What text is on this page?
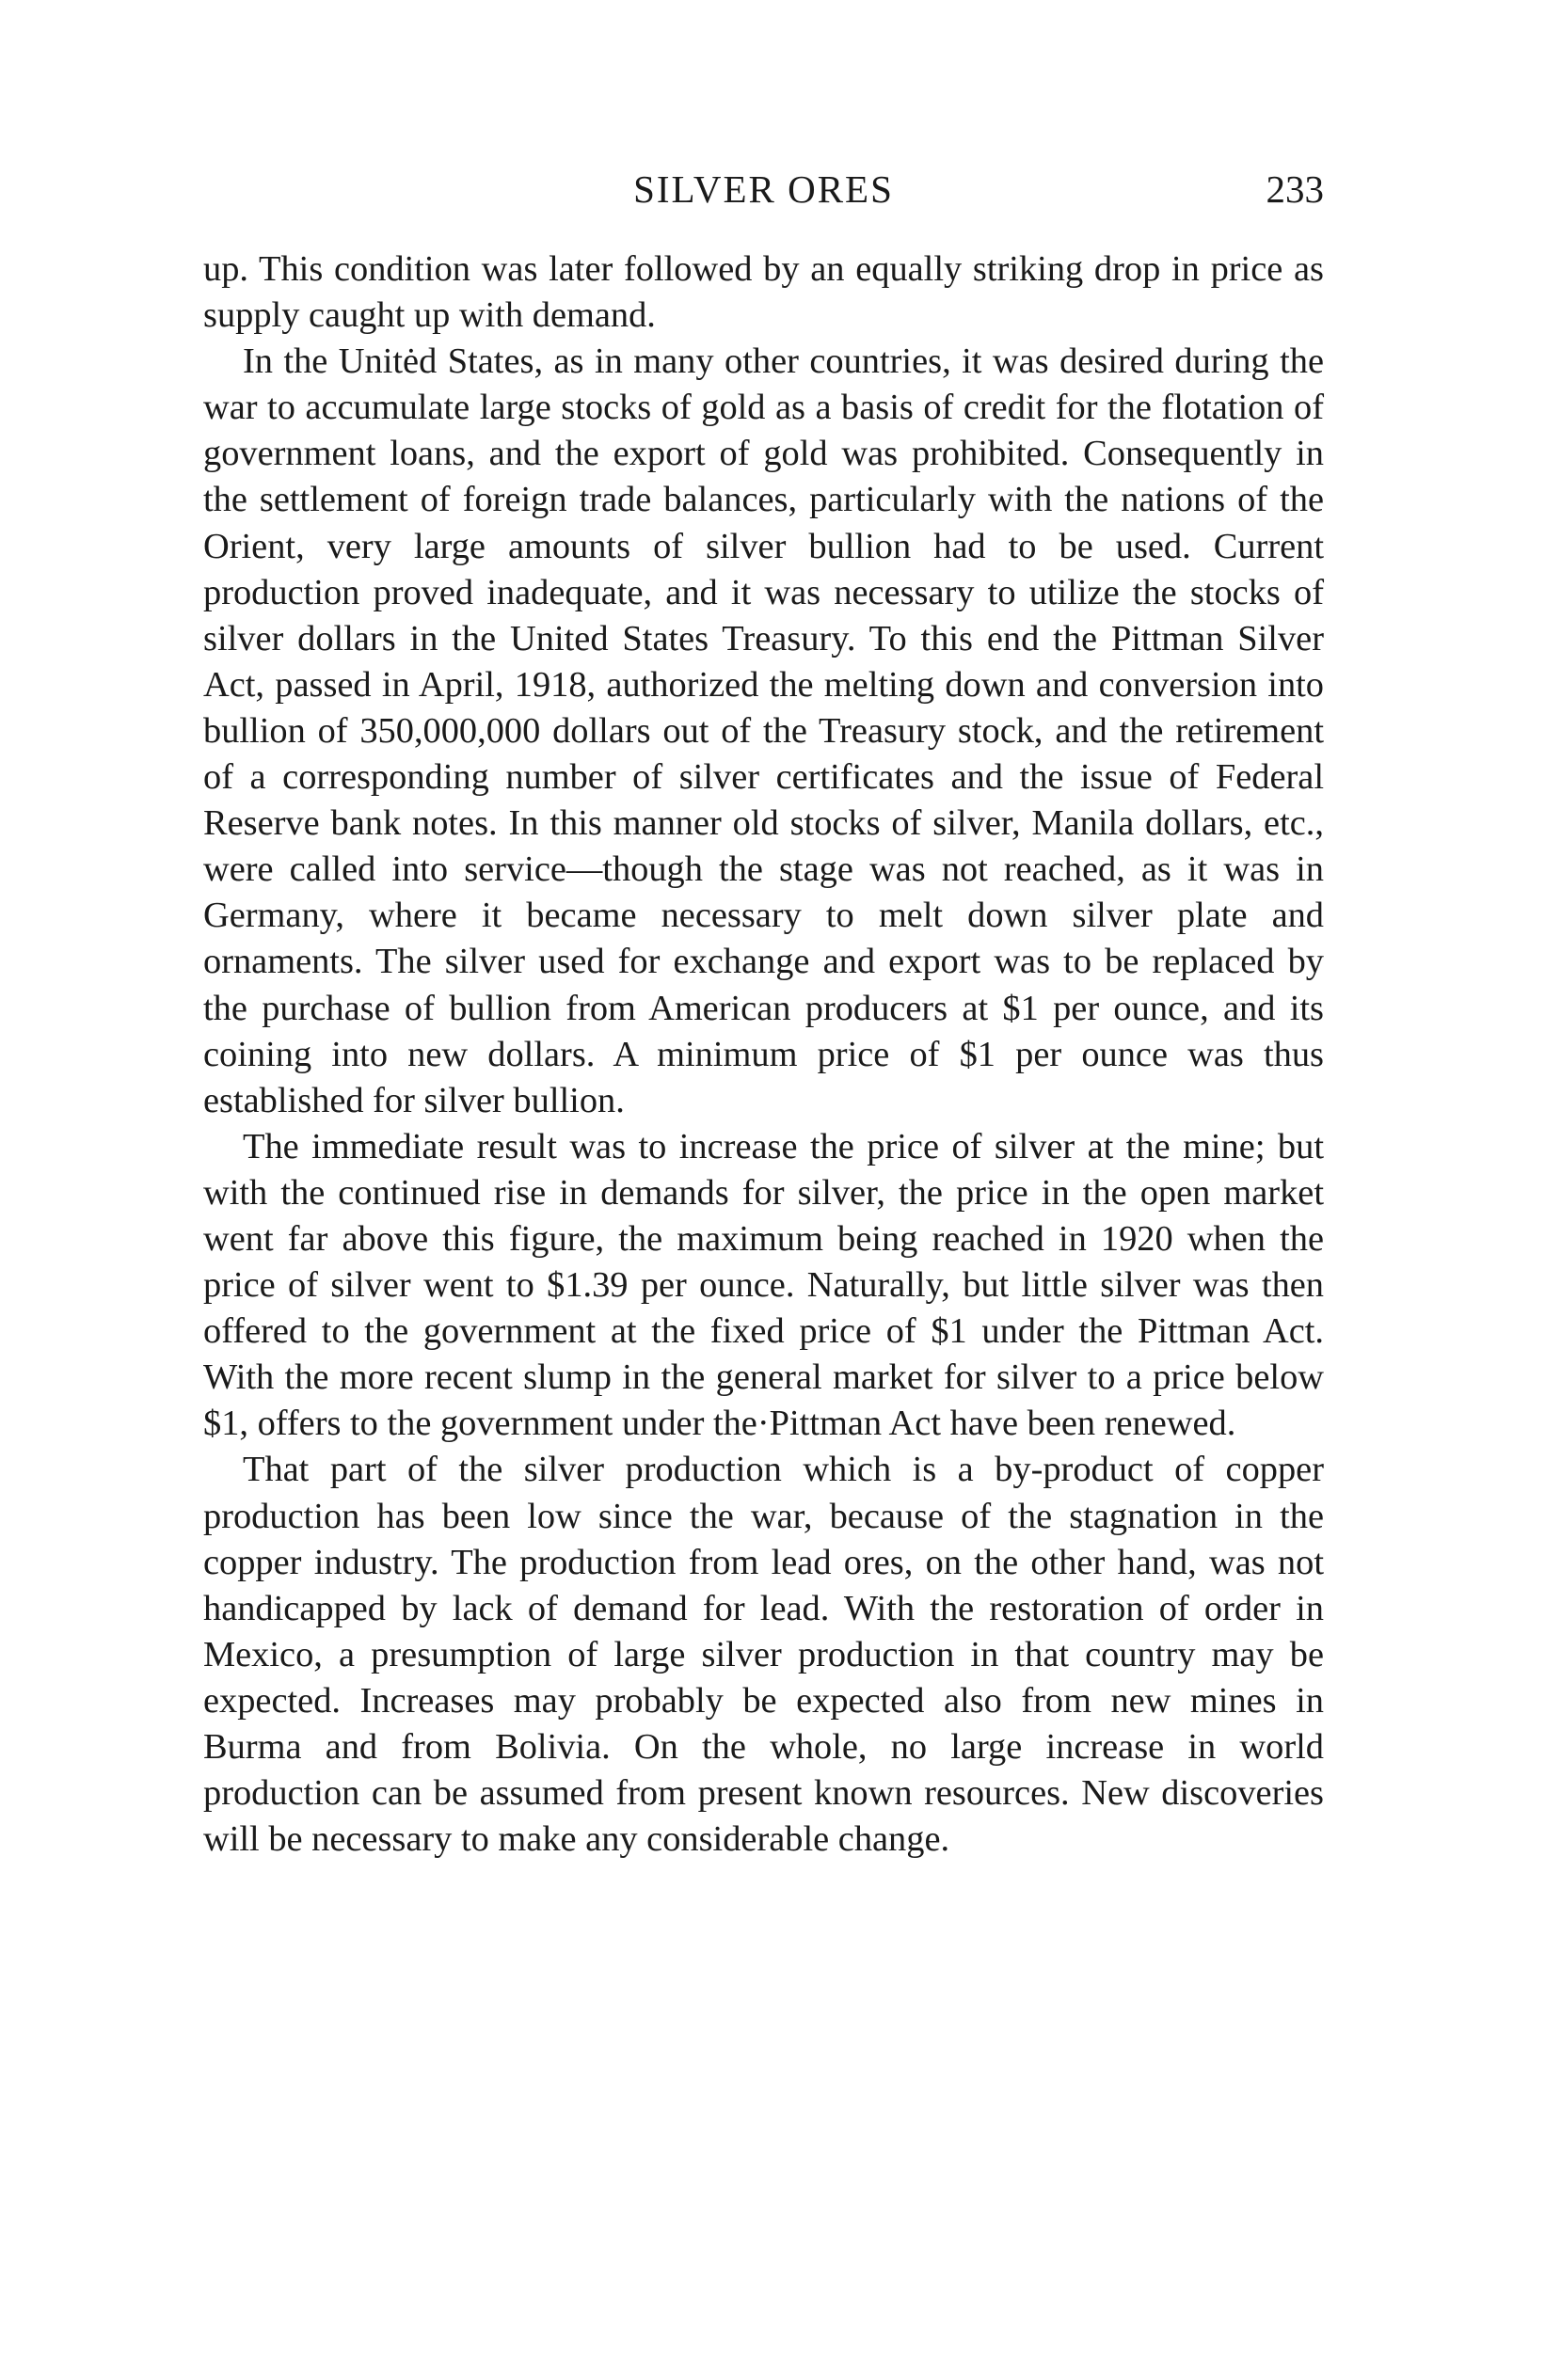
SILVER ORES	233

up. This condition was later followed by an equally striking drop in price as supply caught up with demand.

In the Unitėd States, as in many other countries, it was desired during the war to accumulate large stocks of gold as a basis of credit for the flotation of government loans, and the export of gold was prohibited. Consequently in the settlement of foreign trade balances, particularly with the nations of the Orient, very large amounts of silver bullion had to be used. Current production proved inadequate, and it was necessary to utilize the stocks of silver dollars in the United States Treasury. To this end the Pittman Silver Act, passed in April, 1918, authorized the melting down and conversion into bullion of 350,000,000 dollars out of the Treasury stock, and the retirement of a corresponding number of silver certificates and the issue of Federal Reserve bank notes. In this manner old stocks of silver, Manila dollars, etc., were called into service—though the stage was not reached, as it was in Germany, where it became necessary to melt down silver plate and ornaments. The silver used for exchange and export was to be replaced by the purchase of bullion from American producers at $1 per ounce, and its coining into new dollars. A minimum price of $1 per ounce was thus established for silver bullion.

The immediate result was to increase the price of silver at the mine; but with the continued rise in demands for silver, the price in the open market went far above this figure, the maximum being reached in 1920 when the price of silver went to $1.39 per ounce. Naturally, but little silver was then offered to the government at the fixed price of $1 under the Pittman Act. With the more recent slump in the general market for silver to a price below $1, offers to the government under the·Pittman Act have been renewed.

That part of the silver production which is a by-product of copper production has been low since the war, because of the stagnation in the copper industry. The production from lead ores, on the other hand, was not handicapped by lack of demand for lead. With the restoration of order in Mexico, a presumption of large silver production in that country may be expected. Increases may probably be expected also from new mines in Burma and from Bolivia. On the whole, no large increase in world production can be assumed from present known resources. New discoveries will be necessary to make any considerable change.
